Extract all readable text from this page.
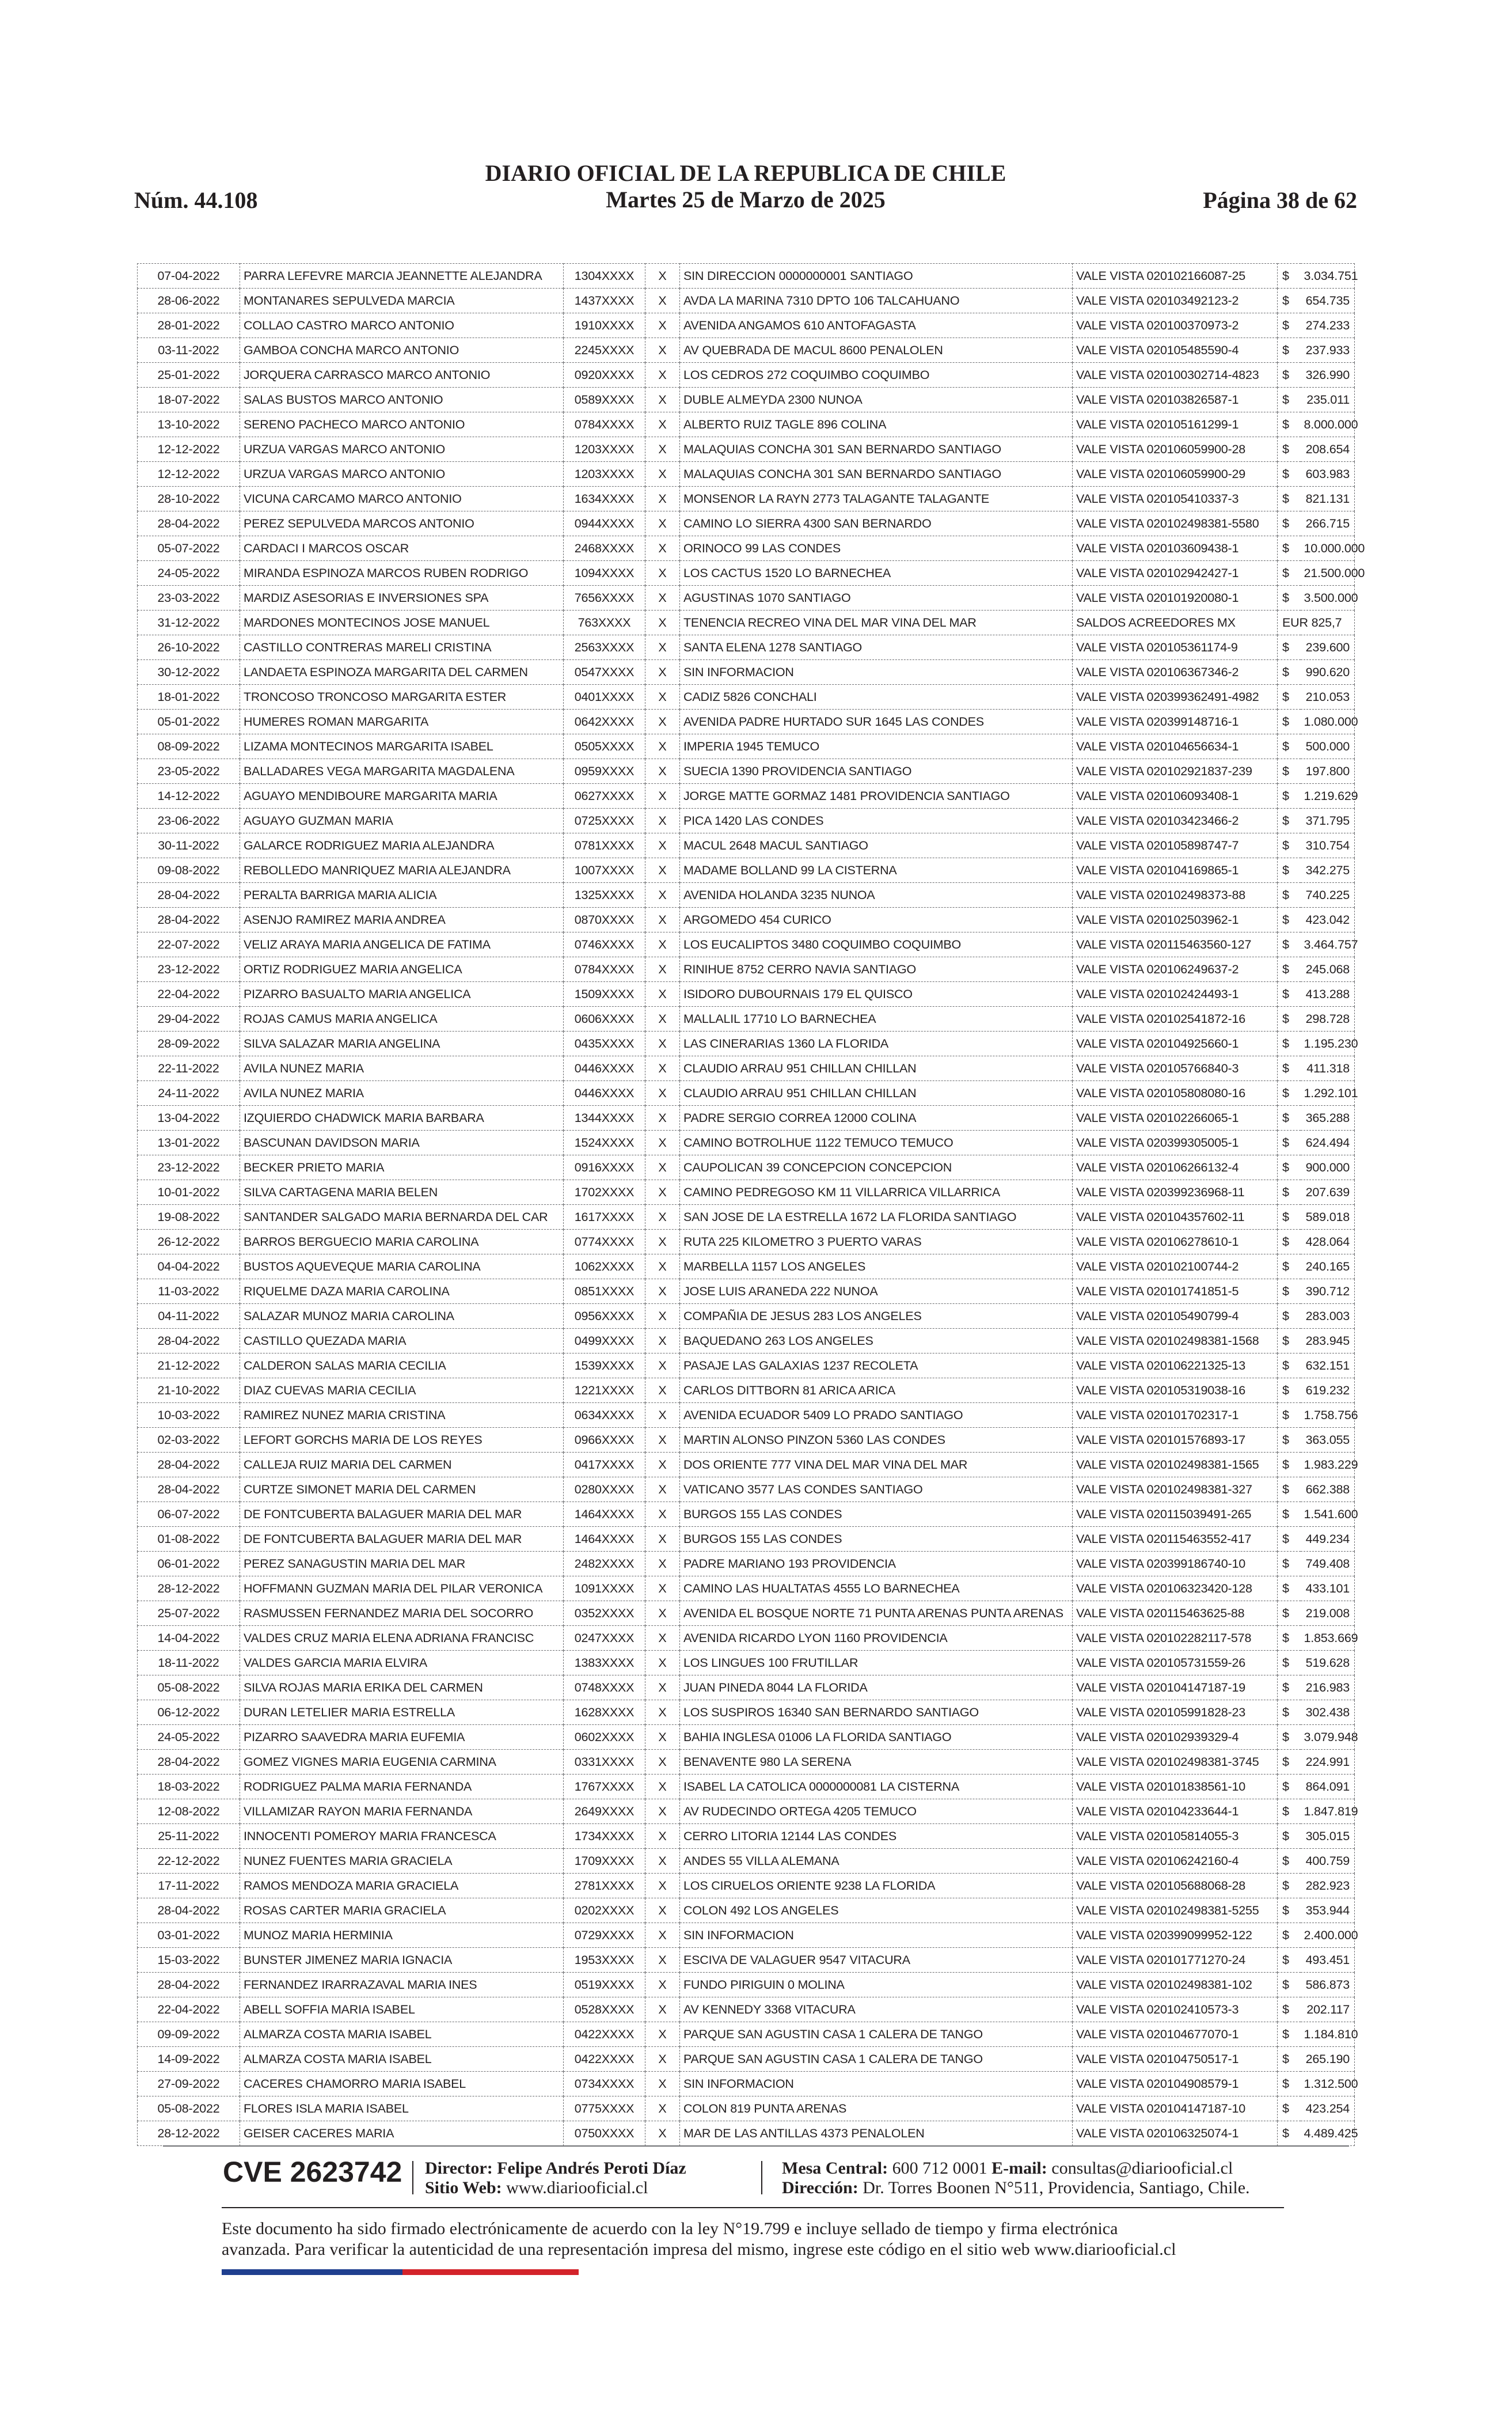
DIARIO OFICIAL DE LA REPUBLICA DE CHILE
Martes 25 de Marzo de 2025
Núm. 44.108	Página 38 de 62
07-04-2022	PARRA LEFEVRE MARCIA JEANNETTE ALEJANDRA	1304XXXX	X	SIN DIRECCION 0000000001 SANTIAGO	VALE VISTA 020102166087-25	$	3.034.751
28-06-2022	MONTANARES SEPULVEDA MARCIA	1437XXXX	X	AVDA LA MARINA 7310 DPTO 106 TALCAHUANO	VALE VISTA 020103492123-2	$	654.735
28-01-2022	COLLAO CASTRO MARCO ANTONIO	1910XXXX	X	AVENIDA ANGAMOS 610 ANTOFAGASTA	VALE VISTA 020100370973-2	$	274.233
03-11-2022	GAMBOA CONCHA MARCO ANTONIO	2245XXXX	X	AV QUEBRADA DE MACUL 8600 PENALOLEN	VALE VISTA 020105485590-4	$	237.933
25-01-2022	JORQUERA CARRASCO MARCO ANTONIO	0920XXXX	X	LOS CEDROS 272 COQUIMBO COQUIMBO	VALE VISTA 020100302714-4823	$	326.990
18-07-2022	SALAS BUSTOS MARCO ANTONIO	0589XXXX	X	DUBLE ALMEYDA 2300 NUNOA	VALE VISTA 020103826587-1	$	235.011
13-10-2022	SERENO PACHECO MARCO ANTONIO	0784XXXX	X	ALBERTO RUIZ TAGLE 896 COLINA	VALE VISTA 020105161299-1	$	8.000.000
12-12-2022	URZUA VARGAS MARCO ANTONIO	1203XXXX	X	MALAQUIAS CONCHA 301 SAN BERNARDO SANTIAGO	VALE VISTA 020106059900-28	$	208.654
12-12-2022	URZUA VARGAS MARCO ANTONIO	1203XXXX	X	MALAQUIAS CONCHA 301 SAN BERNARDO SANTIAGO	VALE VISTA 020106059900-29	$	603.983
28-10-2022	VICUNA CARCAMO MARCO ANTONIO	1634XXXX	X	MONSENOR LA RAYN 2773 TALAGANTE TALAGANTE	VALE VISTA 020105410337-3	$	821.131
28-04-2022	PEREZ SEPULVEDA MARCOS ANTONIO	0944XXXX	X	CAMINO LO SIERRA 4300 SAN BERNARDO	VALE VISTA 020102498381-5580	$	266.715
05-07-2022	CARDACI I MARCOS OSCAR	2468XXXX	X	ORINOCO 99 LAS CONDES	VALE VISTA 020103609438-1	$	10.000.000
24-05-2022	MIRANDA ESPINOZA MARCOS RUBEN RODRIGO	1094XXXX	X	LOS CACTUS 1520 LO BARNECHEA	VALE VISTA 020102942427-1	$	21.500.000
23-03-2022	MARDIZ ASESORIAS E INVERSIONES SPA	7656XXXX	X	AGUSTINAS 1070 SANTIAGO	VALE VISTA 020101920080-1	$	3.500.000
31-12-2022	MARDONES MONTECINOS JOSE MANUEL	763XXXX	X	TENENCIA RECREO VINA DEL MAR VINA DEL MAR	SALDOS ACREEDORES MX	EUR 825,7	
26-10-2022	CASTILLO CONTRERAS MARELI CRISTINA	2563XXXX	X	SANTA ELENA 1278 SANTIAGO	VALE VISTA 020105361174-9	$	239.600
30-12-2022	LANDAETA ESPINOZA MARGARITA DEL CARMEN	0547XXXX	X	SIN INFORMACION	VALE VISTA 020106367346-2	$	990.620
18-01-2022	TRONCOSO TRONCOSO MARGARITA ESTER	0401XXXX	X	CADIZ 5826 CONCHALI	VALE VISTA 020399362491-4982	$	210.053
05-01-2022	HUMERES ROMAN MARGARITA	0642XXXX	X	AVENIDA PADRE HURTADO SUR 1645 LAS CONDES	VALE VISTA 020399148716-1	$	1.080.000
08-09-2022	LIZAMA MONTECINOS MARGARITA ISABEL	0505XXXX	X	IMPERIA 1945 TEMUCO	VALE VISTA 020104656634-1	$	500.000
23-05-2022	BALLADARES VEGA MARGARITA MAGDALENA	0959XXXX	X	SUECIA 1390 PROVIDENCIA SANTIAGO	VALE VISTA 020102921837-239	$	197.800
14-12-2022	AGUAYO MENDIBOURE MARGARITA MARIA	0627XXXX	X	JORGE MATTE GORMAZ 1481 PROVIDENCIA SANTIAGO	VALE VISTA 020106093408-1	$	1.219.629
23-06-2022	AGUAYO GUZMAN MARIA	0725XXXX	X	PICA 1420 LAS CONDES	VALE VISTA 020103423466-2	$	371.795
30-11-2022	GALARCE RODRIGUEZ MARIA ALEJANDRA	0781XXXX	X	MACUL 2648 MACUL SANTIAGO	VALE VISTA 020105898747-7	$	310.754
09-08-2022	REBOLLEDO MANRIQUEZ MARIA ALEJANDRA	1007XXXX	X	MADAME BOLLAND 99 LA CISTERNA	VALE VISTA 020104169865-1	$	342.275
28-04-2022	PERALTA BARRIGA MARIA ALICIA	1325XXXX	X	AVENIDA HOLANDA 3235 NUNOA	VALE VISTA 020102498373-88	$	740.225
28-04-2022	ASENJO RAMIREZ MARIA ANDREA	0870XXXX	X	ARGOMEDO 454 CURICO	VALE VISTA 020102503962-1	$	423.042
22-07-2022	VELIZ ARAYA MARIA ANGELICA DE FATIMA	0746XXXX	X	LOS EUCALIPTOS 3480 COQUIMBO COQUIMBO	VALE VISTA 020115463560-127	$	3.464.757
23-12-2022	ORTIZ RODRIGUEZ MARIA ANGELICA	0784XXXX	X	RINIHUE 8752 CERRO NAVIA SANTIAGO	VALE VISTA 020106249637-2	$	245.068
22-04-2022	PIZARRO BASUALTO MARIA ANGELICA	1509XXXX	X	ISIDORO DUBOURNAIS 179 EL QUISCO	VALE VISTA 020102424493-1	$	413.288
29-04-2022	ROJAS CAMUS MARIA ANGELICA	0606XXXX	X	MALLALIL 17710 LO BARNECHEA	VALE VISTA 020102541872-16	$	298.728
28-09-2022	SILVA SALAZAR MARIA ANGELINA	0435XXXX	X	LAS CINERARIAS 1360 LA FLORIDA	VALE VISTA 020104925660-1	$	1.195.230
22-11-2022	AVILA NUNEZ MARIA	0446XXXX	X	CLAUDIO ARRAU 951 CHILLAN CHILLAN	VALE VISTA 020105766840-3	$	411.318
24-11-2022	AVILA NUNEZ MARIA	0446XXXX	X	CLAUDIO ARRAU 951 CHILLAN CHILLAN	VALE VISTA 020105808080-16	$	1.292.101
13-04-2022	IZQUIERDO CHADWICK MARIA BARBARA	1344XXXX	X	PADRE SERGIO CORREA 12000 COLINA	VALE VISTA 020102266065-1	$	365.288
13-01-2022	BASCUNAN DAVIDSON MARIA	1524XXXX	X	CAMINO BOTROLHUE 1122 TEMUCO TEMUCO	VALE VISTA 020399305005-1	$	624.494
23-12-2022	BECKER PRIETO MARIA	0916XXXX	X	CAUPOLICAN 39 CONCEPCION CONCEPCION	VALE VISTA 020106266132-4	$	900.000
10-01-2022	SILVA CARTAGENA MARIA BELEN	1702XXXX	X	CAMINO PEDREGOSO KM 11 VILLARRICA VILLARRICA	VALE VISTA 020399236968-11	$	207.639
19-08-2022	SANTANDER SALGADO MARIA BERNARDA DEL CAR	1617XXXX	X	SAN JOSE DE LA ESTRELLA 1672 LA FLORIDA SANTIAGO	VALE VISTA 020104357602-11	$	589.018
26-12-2022	BARROS BERGUECIO MARIA CAROLINA	0774XXXX	X	RUTA 225 KILOMETRO 3 PUERTO VARAS	VALE VISTA 020106278610-1	$	428.064
04-04-2022	BUSTOS AQUEVEQUE MARIA CAROLINA	1062XXXX	X	MARBELLA 1157 LOS ANGELES	VALE VISTA 020102100744-2	$	240.165
11-03-2022	RIQUELME DAZA MARIA CAROLINA	0851XXXX	X	JOSE LUIS ARANEDA 222 NUNOA	VALE VISTA 020101741851-5	$	390.712
04-11-2022	SALAZAR MUNOZ MARIA CAROLINA	0956XXXX	X	COMPAÑIA DE JESUS 283 LOS ANGELES	VALE VISTA 020105490799-4	$	283.003
28-04-2022	CASTILLO QUEZADA MARIA	0499XXXX	X	BAQUEDANO 263 LOS ANGELES	VALE VISTA 020102498381-1568	$	283.945
21-12-2022	CALDERON SALAS MARIA CECILIA	1539XXXX	X	PASAJE LAS GALAXIAS 1237 RECOLETA	VALE VISTA 020106221325-13	$	632.151
21-10-2022	DIAZ CUEVAS MARIA CECILIA	1221XXXX	X	CARLOS DITTBORN 81 ARICA ARICA	VALE VISTA 020105319038-16	$	619.232
10-03-2022	RAMIREZ NUNEZ MARIA CRISTINA	0634XXXX	X	AVENIDA ECUADOR 5409 LO PRADO SANTIAGO	VALE VISTA 020101702317-1	$	1.758.756
02-03-2022	LEFORT GORCHS MARIA DE LOS REYES	0966XXXX	X	MARTIN ALONSO PINZON 5360 LAS CONDES	VALE VISTA 020101576893-17	$	363.055
28-04-2022	CALLEJA RUIZ MARIA DEL CARMEN	0417XXXX	X	DOS ORIENTE 777 VINA DEL MAR VINA DEL MAR	VALE VISTA 020102498381-1565	$	1.983.229
28-04-2022	CURTZE SIMONET MARIA DEL CARMEN	0280XXXX	X	VATICANO 3577 LAS CONDES SANTIAGO	VALE VISTA 020102498381-327	$	662.388
06-07-2022	DE FONTCUBERTA BALAGUER MARIA DEL MAR	1464XXXX	X	BURGOS 155 LAS CONDES	VALE VISTA 020115039491-265	$	1.541.600
01-08-2022	DE FONTCUBERTA BALAGUER MARIA DEL MAR	1464XXXX	X	BURGOS 155 LAS CONDES	VALE VISTA 020115463552-417	$	449.234
06-01-2022	PEREZ SANAGUSTIN MARIA DEL MAR	2482XXXX	X	PADRE MARIANO 193 PROVIDENCIA	VALE VISTA 020399186740-10	$	749.408
28-12-2022	HOFFMANN GUZMAN MARIA DEL PILAR VERONICA	1091XXXX	X	CAMINO LAS HUALTATAS 4555 LO BARNECHEA	VALE VISTA 020106323420-128	$	433.101
25-07-2022	RASMUSSEN FERNANDEZ MARIA DEL SOCORRO	0352XXXX	X	AVENIDA EL BOSQUE NORTE 71 PUNTA ARENAS PUNTA ARENAS	VALE VISTA 020115463625-88	$	219.008
14-04-2022	VALDES CRUZ MARIA ELENA ADRIANA FRANCISC	0247XXXX	X	AVENIDA RICARDO LYON 1160 PROVIDENCIA	VALE VISTA 020102282117-578	$	1.853.669
18-11-2022	VALDES GARCIA MARIA ELVIRA	1383XXXX	X	LOS LINGUES 100 FRUTILLAR	VALE VISTA 020105731559-26	$	519.628
05-08-2022	SILVA ROJAS MARIA ERIKA DEL CARMEN	0748XXXX	X	JUAN PINEDA 8044 LA FLORIDA	VALE VISTA 020104147187-19	$	216.983
06-12-2022	DURAN LETELIER MARIA ESTRELLA	1628XXXX	X	LOS SUSPIROS 16340 SAN BERNARDO SANTIAGO	VALE VISTA 020105991828-23	$	302.438
24-05-2022	PIZARRO SAAVEDRA MARIA EUFEMIA	0602XXXX	X	BAHIA INGLESA 01006 LA FLORIDA SANTIAGO	VALE VISTA 020102939329-4	$	3.079.948
28-04-2022	GOMEZ VIGNES MARIA EUGENIA CARMINA	0331XXXX	X	BENAVENTE 980 LA SERENA	VALE VISTA 020102498381-3745	$	224.991
18-03-2022	RODRIGUEZ PALMA MARIA FERNANDA	1767XXXX	X	ISABEL LA CATOLICA 0000000081 LA CISTERNA	VALE VISTA 020101838561-10	$	864.091
12-08-2022	VILLAMIZAR RAYON MARIA FERNANDA	2649XXXX	X	AV RUDECINDO ORTEGA 4205 TEMUCO	VALE VISTA 020104233644-1	$	1.847.819
25-11-2022	INNOCENTI POMEROY MARIA FRANCESCA	1734XXXX	X	CERRO LITORIA 12144 LAS CONDES	VALE VISTA 020105814055-3	$	305.015
22-12-2022	NUNEZ FUENTES MARIA GRACIELA	1709XXXX	X	ANDES 55 VILLA ALEMANA	VALE VISTA 020106242160-4	$	400.759
17-11-2022	RAMOS MENDOZA MARIA GRACIELA	2781XXXX	X	LOS CIRUELOS ORIENTE 9238 LA FLORIDA	VALE VISTA 020105688068-28	$	282.923
28-04-2022	ROSAS CARTER MARIA GRACIELA	0202XXXX	X	COLON 492 LOS ANGELES	VALE VISTA 020102498381-5255	$	353.944
03-01-2022	MUNOZ MARIA HERMINIA	0729XXXX	X	SIN INFORMACION	VALE VISTA 020399099952-122	$	2.400.000
15-03-2022	BUNSTER JIMENEZ MARIA IGNACIA	1953XXXX	X	ESCIVA DE VALAGUER 9547 VITACURA	VALE VISTA 020101771270-24	$	493.451
28-04-2022	FERNANDEZ IRARRAZAVAL MARIA INES	0519XXXX	X	FUNDO PIRIGUIN 0 MOLINA	VALE VISTA 020102498381-102	$	586.873
22-04-2022	ABELL SOFFIA MARIA ISABEL	0528XXXX	X	AV KENNEDY 3368 VITACURA	VALE VISTA 020102410573-3	$	202.117
09-09-2022	ALMARZA COSTA MARIA ISABEL	0422XXXX	X	PARQUE SAN AGUSTIN CASA 1 CALERA DE TANGO	VALE VISTA 020104677070-1	$	1.184.810
14-09-2022	ALMARZA COSTA MARIA ISABEL	0422XXXX	X	PARQUE SAN AGUSTIN CASA 1 CALERA DE TANGO	VALE VISTA 020104750517-1	$	265.190
27-09-2022	CACERES CHAMORRO MARIA ISABEL	0734XXXX	X	SIN INFORMACION	VALE VISTA 020104908579-1	$	1.312.500
05-08-2022	FLORES ISLA MARIA ISABEL	0775XXXX	X	COLON 819 PUNTA ARENAS	VALE VISTA 020104147187-10	$	423.254
28-12-2022	GEISER CACERES MARIA	0750XXXX	X	MAR DE LAS ANTILLAS 4373 PENALOLEN	VALE VISTA 020106325074-1	$	4.489.425
CVE 2623742 Director: Felipe Andrés Peroti Díaz
Sitio Web: www.diariooficial.cl
Mesa Central: 600 712 0001 E-mail: consultas@diariooficial.cl
Dirección: Dr. Torres Boonen N°511, Providencia, Santiago, Chile.
Este documento ha sido firmado electrónicamente de acuerdo con la ley N°19.799 e incluye sellado de tiempo y firma electrónica
avanzada. Para verificar la autenticidad de una representación impresa del mismo, ingrese este código en el sitio web www.diariooficial.cl
